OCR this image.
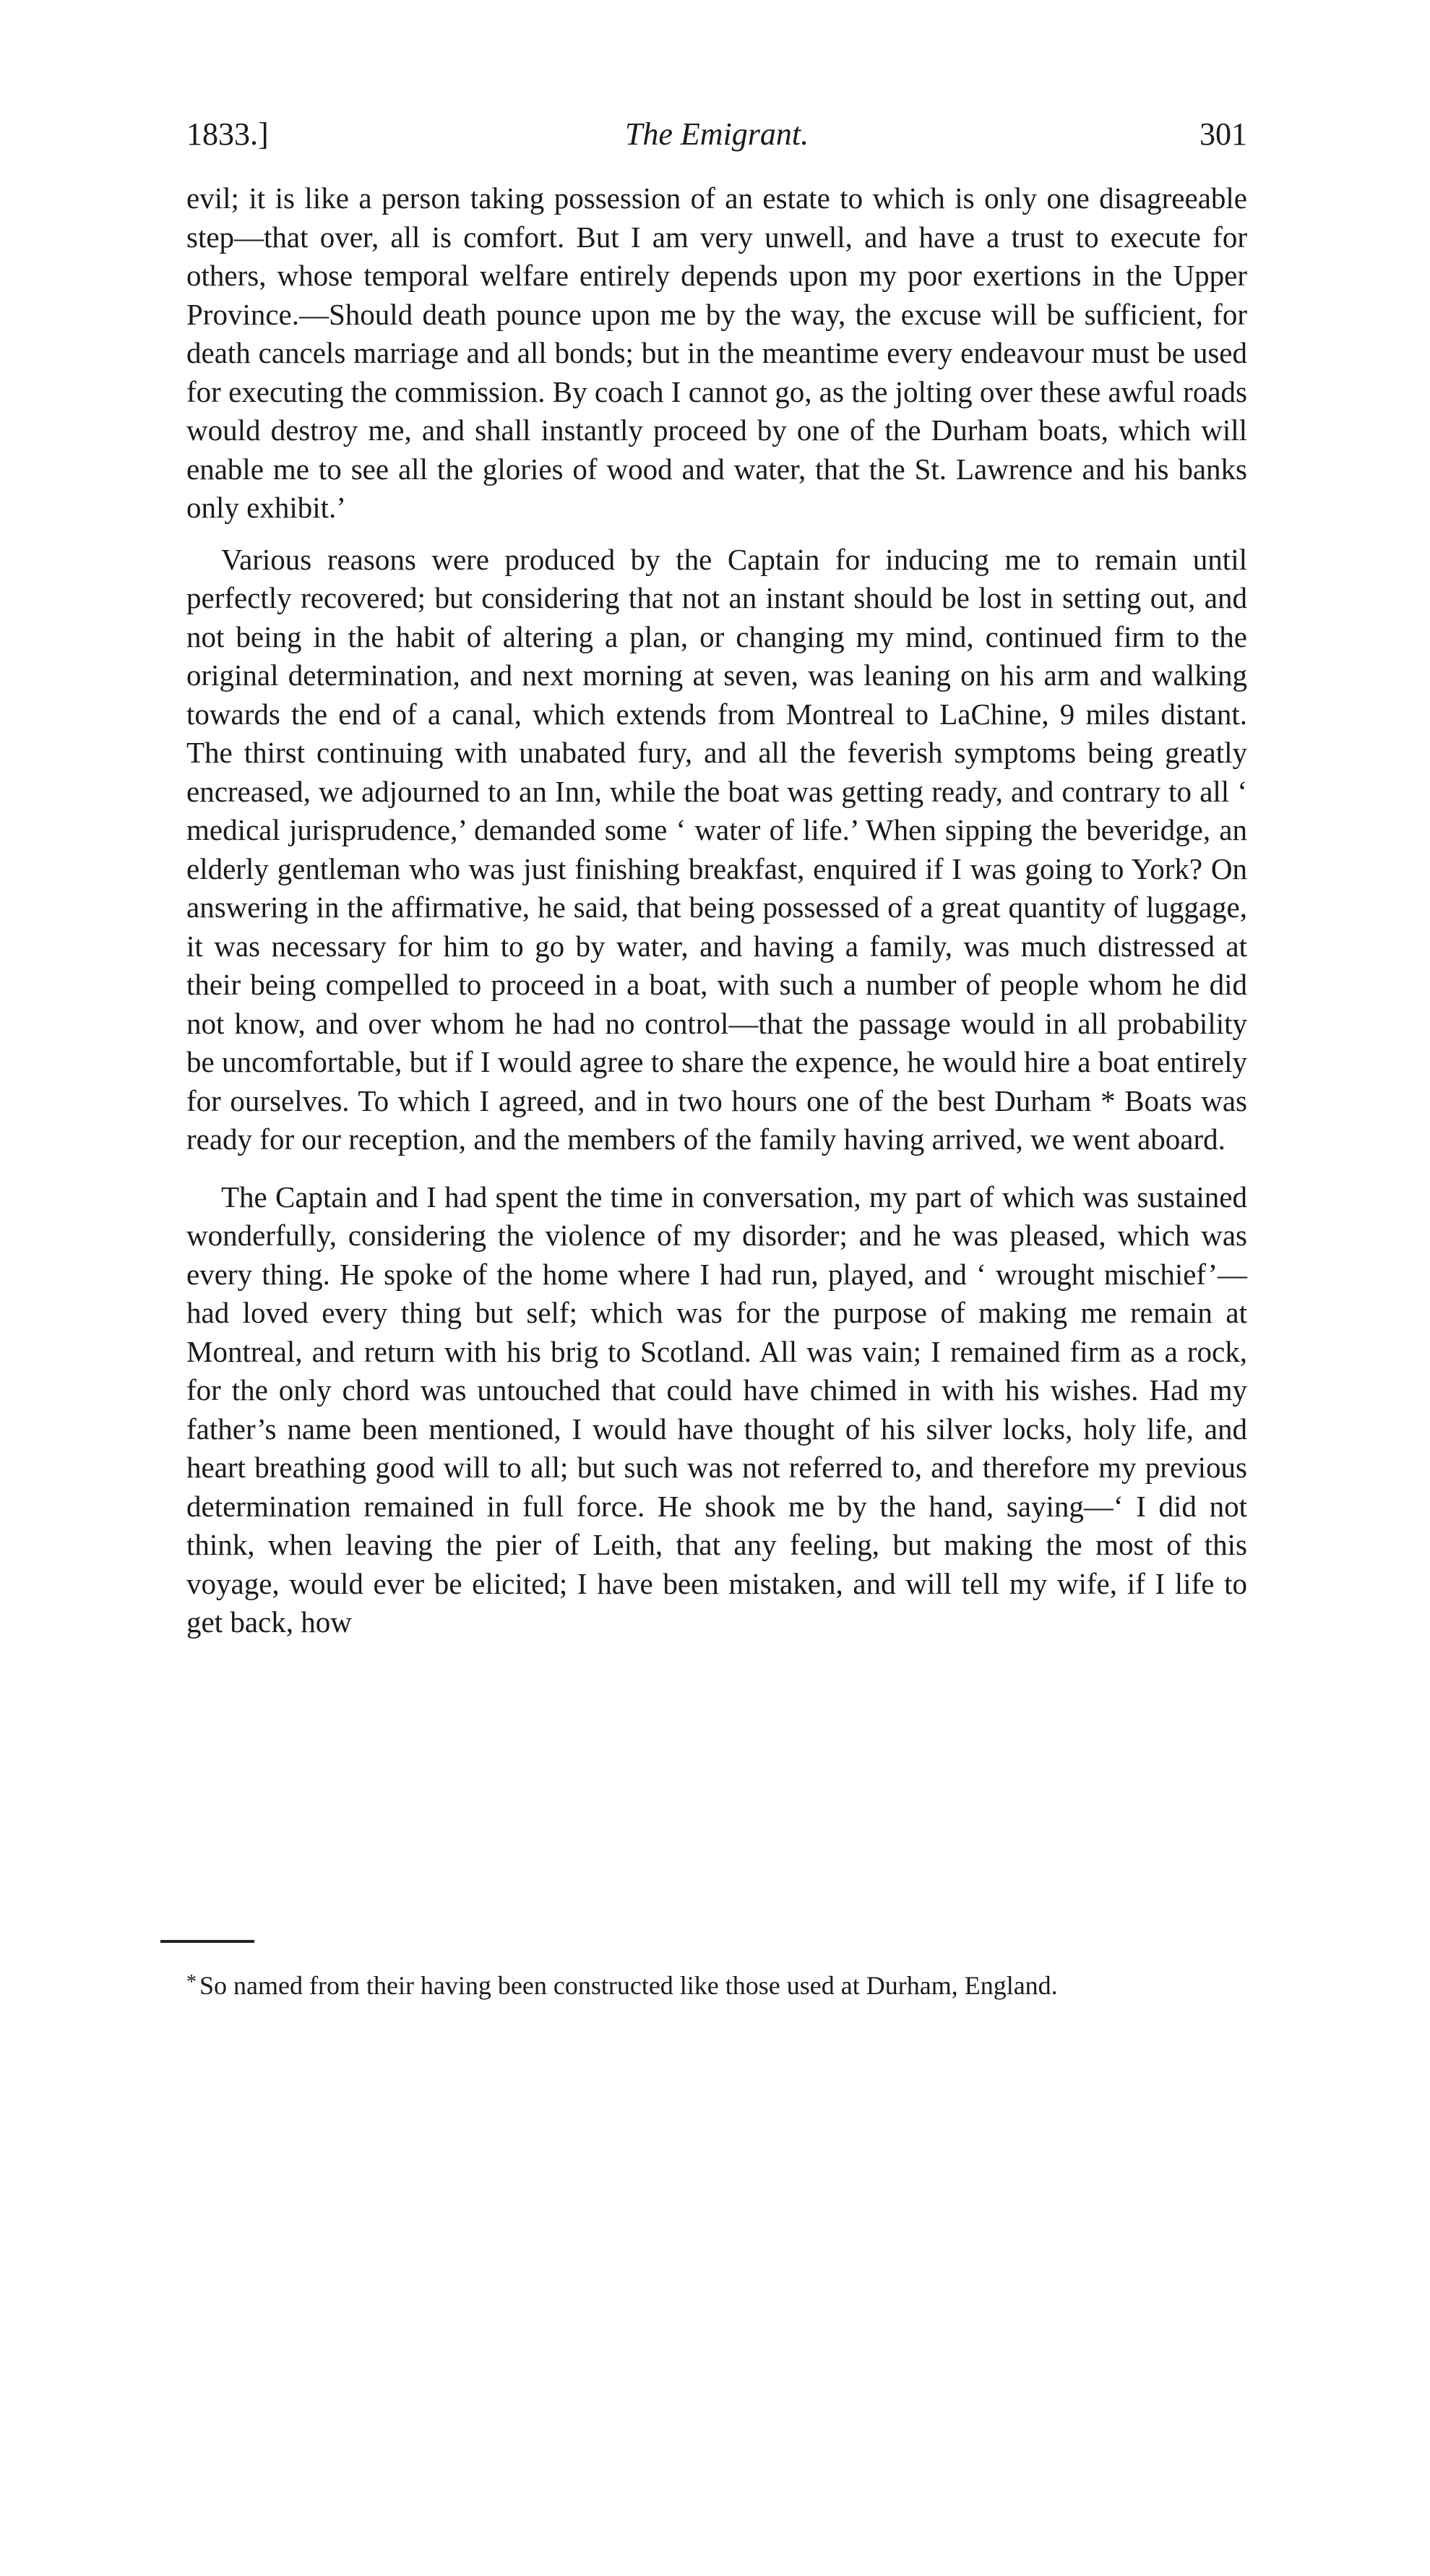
1833.]	The Emigrant.	301

evil; it is like a person taking possession of an estate to which is only one disagreeable step—that over, all is comfort. But I am very unwell, and have a trust to execute for others, whose temporal welfare entirely depends upon my poor exertions in the Upper Province.—Should death pounce upon me by the way, the excuse will be sufficient, for death cancels marriage and all bonds; but in the meantime every endeavour must be used for executing the commission. By coach I cannot go, as the jolting over these awful roads would destroy me, and shall instantly proceed by one of the Durham boats, which will enable me to see all the glories of wood and water, that the St. Lawrence and his banks only exhibit.’

Various reasons were produced by the Captain for inducing me to remain until perfectly recovered; but considering that not an instant should be lost in setting out, and not being in the habit of altering a plan, or changing my mind, continued firm to the original determination, and next morning at seven, was leaning on his arm and walking towards the end of a canal, which extends from Montreal to LaChine, 9 miles distant. The thirst continuing with unabated fury, and all the feverish symptoms being greatly encreased, we adjourned to an Inn, while the boat was getting ready, and contrary to all ‘ medical jurisprudence,’ demanded some ‘ water of life.’ When sipping the beveridge, an elderly gentleman who was just finishing breakfast, enquired if I was going to York? On answering in the affirmative, he said, that being possessed of a great quantity of luggage, it was necessary for him to go by water, and having a family, was much distressed at their being compelled to proceed in a boat, with such a number of people whom he did not know, and over whom he had no control—that the passage would in all probability be uncomfortable, but if I would agree to share the expence, he would hire a boat entirely for ourselves. To which I agreed, and in two hours one of the best Durham * Boats was ready for our reception, and the members of the family having arrived, we went aboard.

The Captain and I had spent the time in conversation, my part of which was sustained wonderfully, considering the violence of my disorder; and he was pleased, which was every thing. He spoke of the home where I had run, played, and ‘ wrought mischief’—had loved every thing but self; which was for the purpose of making me remain at Montreal, and return with his brig to Scotland. All was vain; I remained firm as a rock, for the only chord was untouched that could have chimed in with his wishes. Had my father’s name been mentioned, I would have thought of his silver locks, holy life, and heart breathing good will to all; but such was not referred to, and therefore my previous determination remained in full force. He shook me by the hand, saying—‘ I did not think, when leaving the pier of Leith, that any feeling, but making the most of this voyage, would ever be elicited; I have been mistaken, and will tell my wife, if I life to get back, how

* So named from their having been constructed like those used at Durham, England.
